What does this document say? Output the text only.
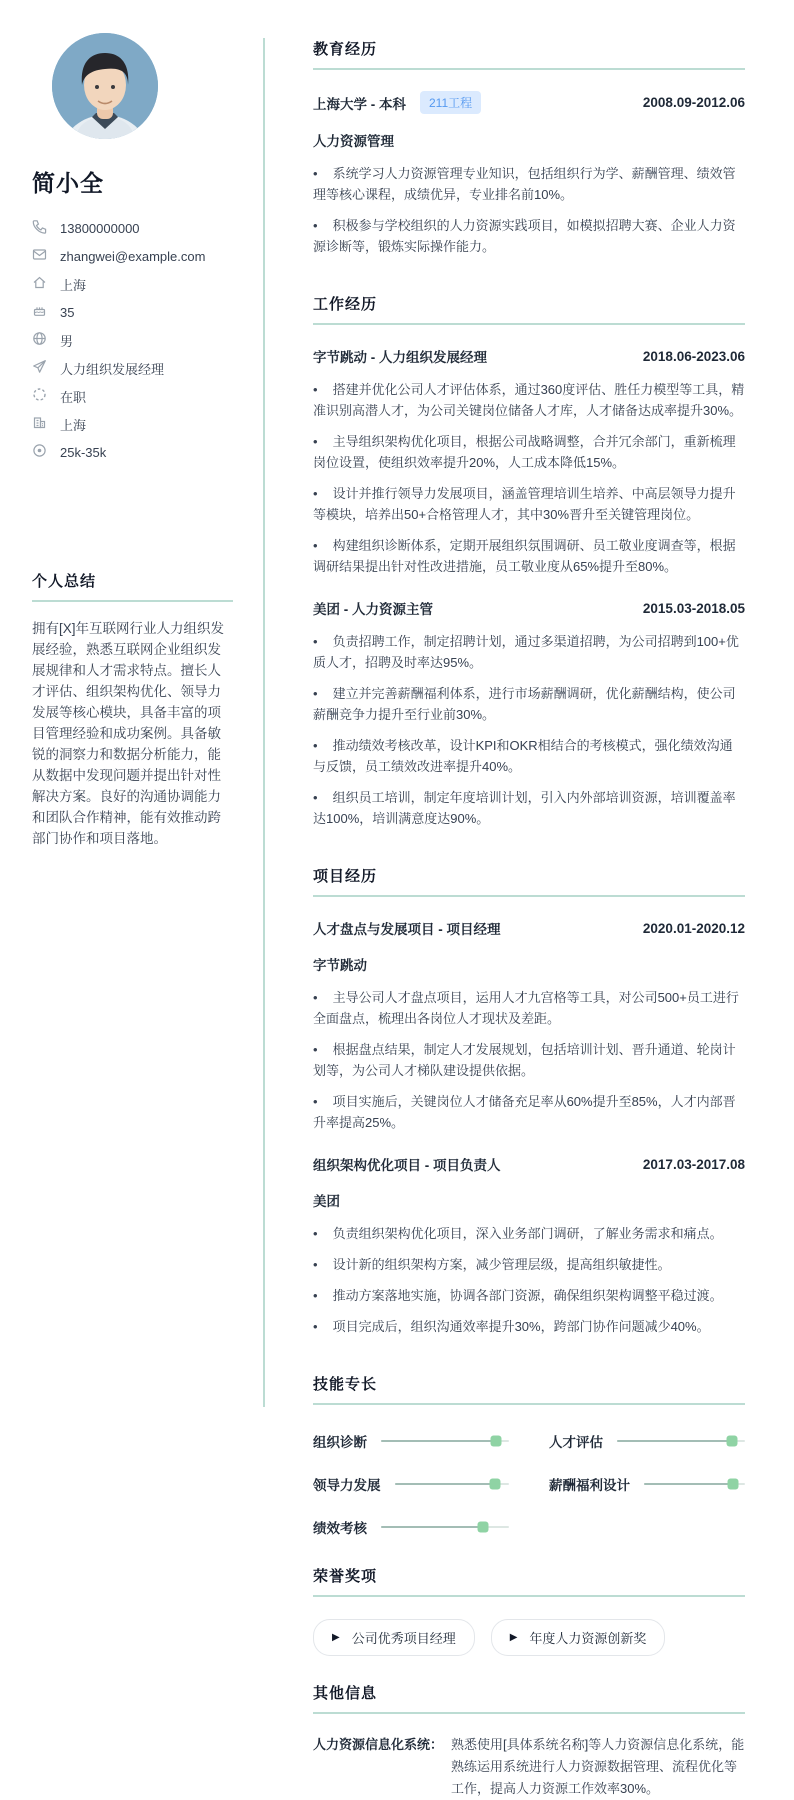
简小全
13800000000
zhangwei@example.com
上海
35
男
人力组织发展经理
在职
上海
25k-35k
个人总结

拥有[X]年互联网行业人力组织发展经验，熟悉互联网企业组织发展规律和人才需求特点。擅长人才评估、组织架构优化、领导力发展等核心模块，具备丰富的项目管理经验和成功案例。具备敏锐的洞察力和数据分析能力，能从数据中发现问题并提出针对性解决方案。良好的沟通协调能力和团队合作精神，能有效推动跨部门协作和项目落地。

教育经历
上海大学 - 本科	211工程	2008.09-2012.06
人力资源管理
• 系统学习人力资源管理专业知识，包括组织行为学、薪酬管理、绩效管理等核心课程，成绩优异，专业排名前10%。
• 积极参与学校组织的人力资源实践项目，如模拟招聘大赛、企业人力资源诊断等，锻炼实际操作能力。
工作经历
字节跳动 - 人力组织发展经理	2018.06-2023.06
• 搭建并优化公司人才评估体系，通过360度评估、胜任力模型等工具，精准识别高潜人才，为公司关键岗位储备人才库，人才储备达成率提升30%。
• 主导组织架构优化项目，根据公司战略调整，合并冗余部门，重新梳理岗位设置，使组织效率提升20%，人工成本降低15%。
• 设计并推行领导力发展项目，涵盖管理培训生培养、中高层领导力提升等模块，培养出50+合格管理人才，其中30%晋升至关键管理岗位。
• 构建组织诊断体系，定期开展组织氛围调研、员工敬业度调查等，根据调研结果提出针对性改进措施，员工敬业度从65%提升至80%。
美团 - 人力资源主管	2015.03-2018.05
• 负责招聘工作，制定招聘计划，通过多渠道招聘，为公司招聘到100+优质人才，招聘及时率达95%。
• 建立并完善薪酬福利体系，进行市场薪酬调研，优化薪酬结构，使公司薪酬竞争力提升至行业前30%。
• 推动绩效考核改革，设计KPI和OKR相结合的考核模式，强化绩效沟通与反馈，员工绩效改进率提升40%。
• 组织员工培训，制定年度培训计划，引入内外部培训资源，培训覆盖率达100%，培训满意度达90%。
项目经历
人才盘点与发展项目 - 项目经理	2020.01-2020.12
字节跳动
• 主导公司人才盘点项目，运用人才九宫格等工具，对公司500+员工进行全面盘点，梳理出各岗位人才现状及差距。
• 根据盘点结果，制定人才发展规划，包括培训计划、晋升通道、轮岗计划等，为公司人才梯队建设提供依据。
• 项目实施后，关键岗位人才储备充足率从60%提升至85%，人才内部晋升率提高25%。
组织架构优化项目 - 项目负责人	2017.03-2017.08
美团
• 负责组织架构优化项目，深入业务部门调研，了解业务需求和痛点。
• 设计新的组织架构方案，减少管理层级，提高组织敏捷性。
• 推动方案落地实施，协调各部门资源，确保组织架构调整平稳过渡。
• 项目完成后，组织沟通效率提升30%，跨部门协作问题减少40%。
技能专长
组织诊断	人才评估
领导力发展	薪酬福利设计
绩效考核
荣誉奖项
▶ 公司优秀项目经理	▶ 年度人力资源创新奖
其他信息
人力资源信息化系统： 熟悉使用[具体系统名称]等人力资源信息化系统，能熟练运用系统进行人力资源数据管理、流程优化等工作，提高人力资源工作效率30%。
